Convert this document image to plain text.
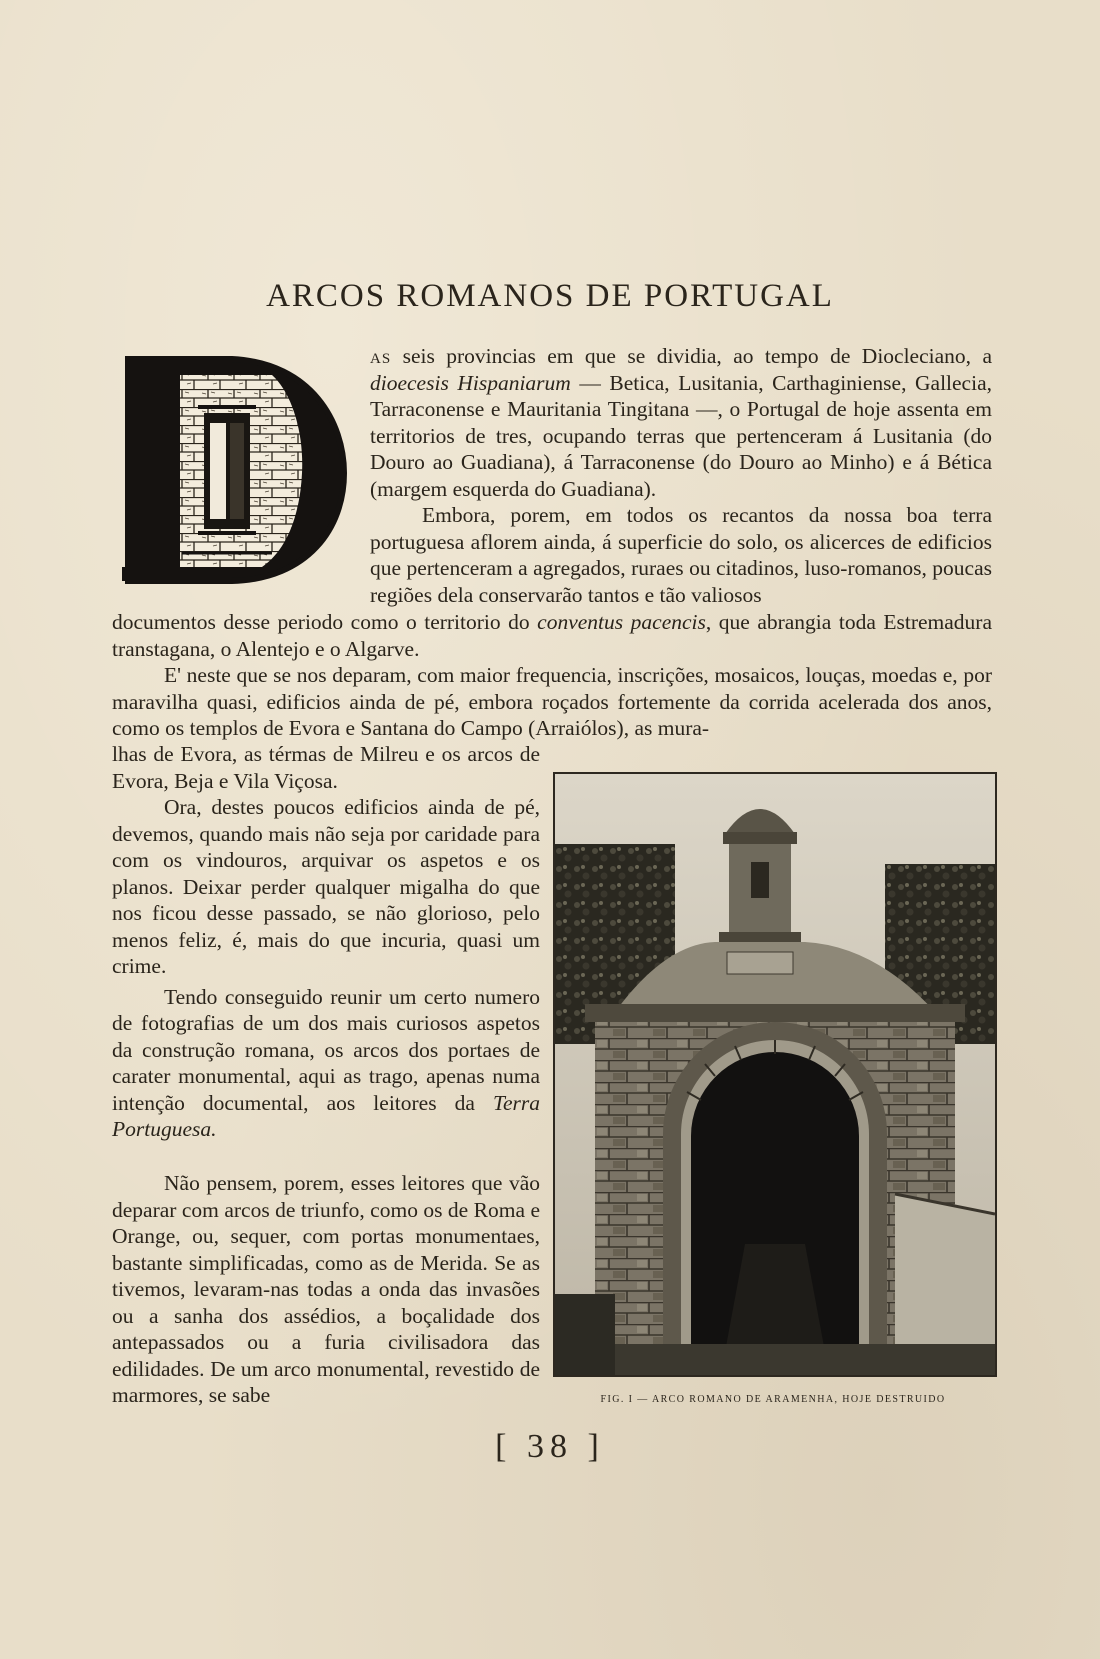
ARCOS ROMANOS DE PORTUGAL

as seis provincias em que se dividia, ao tempo de Diocleciano, a dioecesis Hispaniarum — Betica, Lusitania, Carthaginiense, Gallecia, Tarraconense e Mauritania Tingitana —, o Portugal de hoje assenta em territorios de tres, ocupando terras que pertenceram á Lusitania (do Douro ao Guadiana), á Tarraconense (do Douro ao Minho) e á Bética (margem esquerda do Guadiana).

Embora, porem, em todos os recantos da nossa boa terra portuguesa aflorem ainda, á superficie do solo, os alicerces de edificios que pertenceram a agregados, ruraes ou citadinos, luso-romanos, poucas regiões dela conservarão tantos e tão valiosos

documentos desse periodo como o territorio do conventus pacencis, que abrangia toda Estremadura transtagana, o Alentejo e o Algarve.

E' neste que se nos deparam, com maior frequencia, inscrições, mosaicos, louças, moedas e, por maravilha quasi, edificios ainda de pé, embora roçados fortemente da corrida acelerada dos anos, como os templos de Evora e Santana do Campo (Arraiólos), as mura-

lhas de Evora, as térmas de Milreu e os arcos de Evora, Beja e Vila Viçosa.

Ora, destes poucos edificios ainda de pé, devemos, quando mais não seja por caridade para com os vindouros, arquivar os aspetos e os planos. Deixar perder qualquer migalha do que nos ficou desse passado, se não glorioso, pelo menos feliz, é, mais do que incuria, quasi um crime.

Tendo conseguido reunir um certo numero de fotografias de um dos mais curiosos aspetos da construção romana, os arcos dos portaes de carater monumental, aqui as trago, apenas numa intenção documental, aos leitores da Terra Portuguesa.

Não pensem, porem, esses leitores que vão deparar com arcos de triunfo, como os de Roma e Orange, ou, sequer, com portas monumentaes, bastante simplificadas, como as de Merida. Se as tivemos, levaram-nas todas a onda das invasões ou a sanha dos assédios, a boçalidade dos antepassados ou a furia civilisadora das edilidades. De um arco monumental, revestido de marmores, se sabe	FIG. I — ARCO ROMANO DE ARAMENHA, HOJE DESTRUIDO
[ 38 ]
